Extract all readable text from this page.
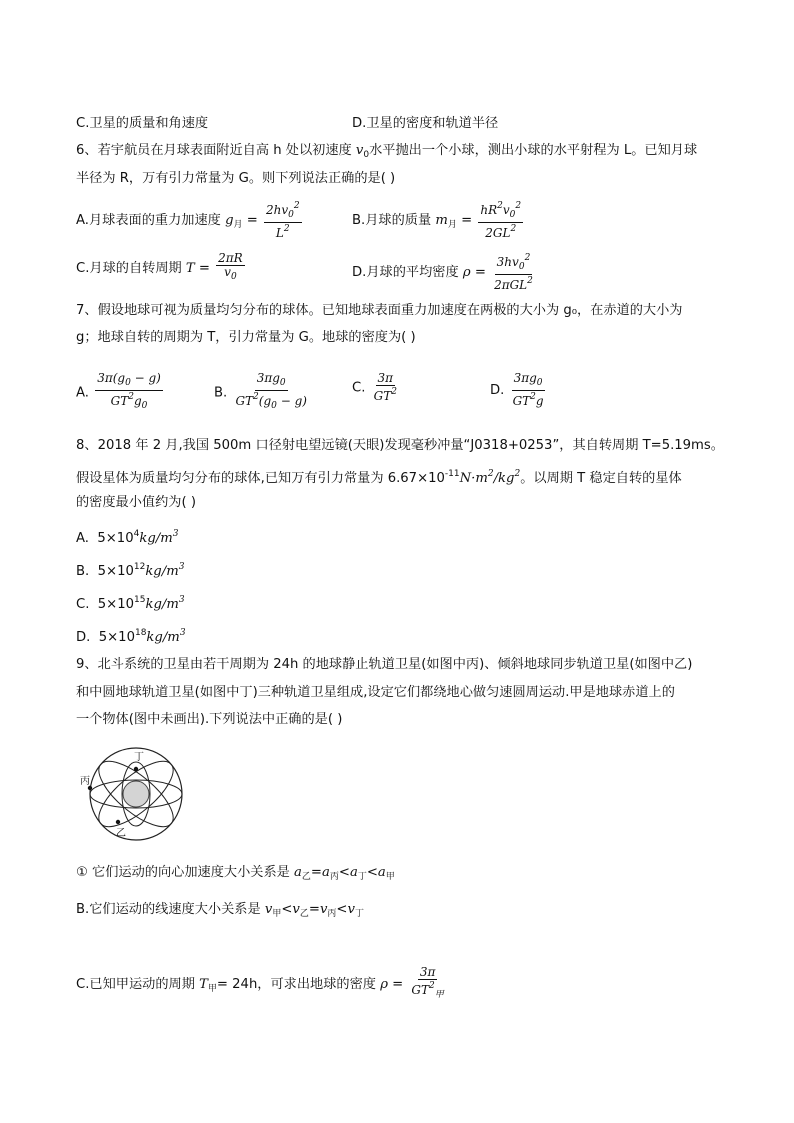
C.卫星的质量和角速度	D.卫星的密度和轨道半径
6、若宇航员在月球表面附近自高 h 处以初速度 $v_0$水平抛出一个小球，测出小球的水平射程为 L。已知月球
半径为 R，万有引力常量为 G。则下列说法正确的是( )
A.月球表面的重力加速度 $g_月 = \frac{2hv_0^2}{L^2}$	B.月球的质量 $m_月 = \frac{hR^2v_0^2}{2GL^2}$
C.月球的自转周期 $T = \frac{2\pi R}{v_0}$	D.月球的平均密度 $\rho = \frac{3hv_0^2}{2\pi GL^2}$
7、假设地球可视为质量均匀分布的球体。已知地球表面重力加速度在两极的大小为 g₀，在赤道的大小为
g；地球自转的周期为 T，引力常量为 G。地球的密度为( )
A. $\frac{3\pi(g_0 - g)}{GT^2g_0}$	B. $\frac{3\pi g_0}{GT^2(g_0 - g)}$	C. $\frac{3\pi}{GT^2}$	D. $\frac{3\pi g_0}{GT^2g}$
8、2018 年 2 月,我国 500m 口径射电望远镜(天眼)发现毫秒冲量“J0318+0253”，其自转周期 T=5.19ms。
假设星体为质量均匀分布的球体,已知万有引力常量为 $6.67\times 10^{-11}N\cdot m^2/kg^2$。以周期 T 稳定自转的星体
的密度最小值约为( )
A.  $5\times 10^4kg/m^3$
B.  $5\times 10^{12}kg/m^3$
C.  $5\times 10^{15}kg/m^3$
D.  $5\times 10^{18}kg/m^3$
9、北斗系统的卫星由若干周期为 24h 的地球静止轨道卫星(如图中丙)、倾斜地球同步轨道卫星(如图中乙)
和中圆地球轨道卫星(如图中丁)三种轨道卫星组成,设定它们都绕地心做匀速圆周运动.甲是地球赤道上的
一个物体(图中未画出).下列说法中正确的是( )
丁
丙
乙
① 它们运动的向心加速度大小关系是 $a_乙=a_丙<a_丁<a_甲$
B.它们运动的线速度大小关系是 $v_甲<v_乙=v_丙<v_丁$
C.已知甲运动的周期 $T_甲= 24h$，可求出地球的密度 $\rho = \frac{3\pi}{GT^2_甲}$
